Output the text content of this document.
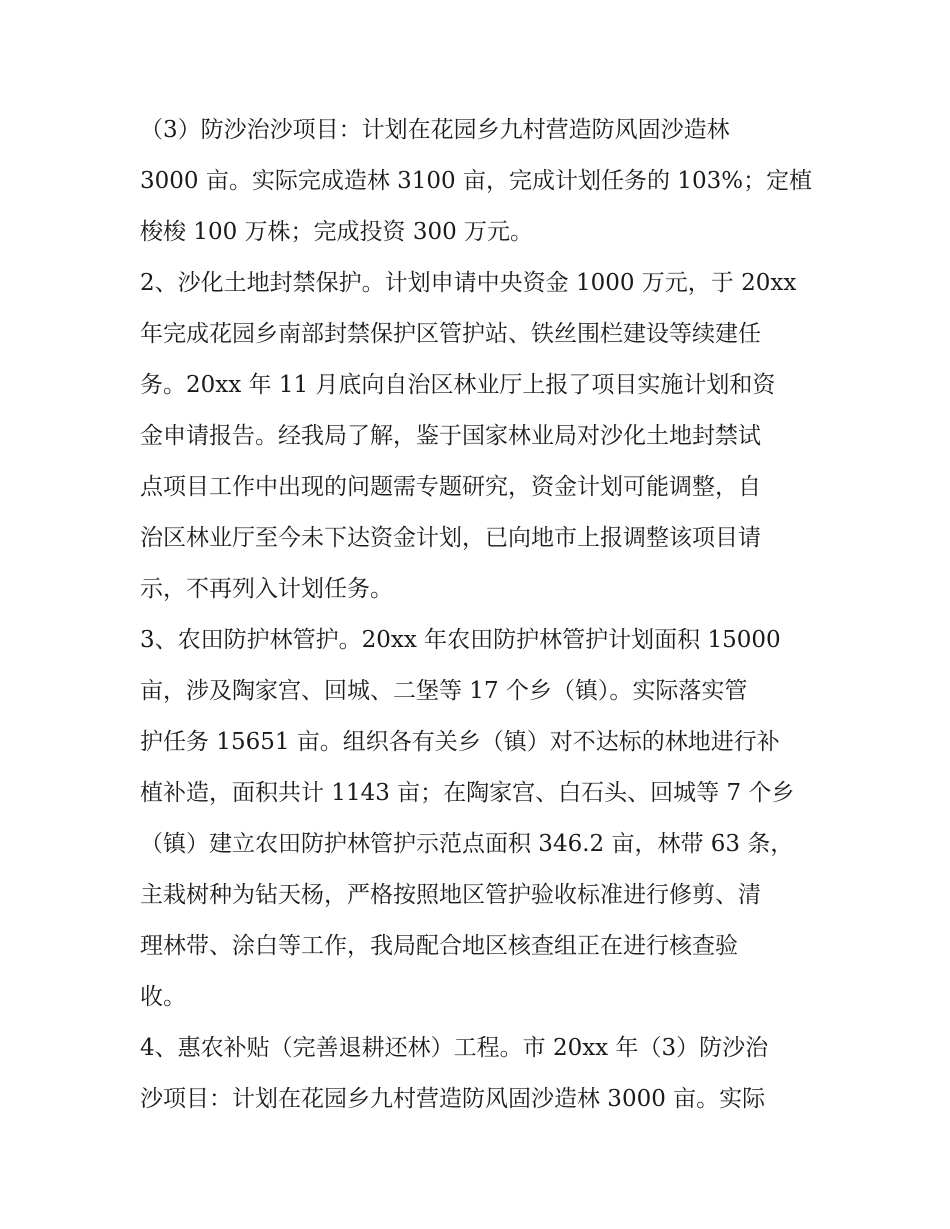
（3）防沙治沙项目：计划在花园乡九村营造防风固沙造林
3000 亩。实际完成造林 3100 亩，完成计划任务的 103%；定植
梭梭 100 万株；完成投资 300 万元。

2、沙化土地封禁保护。计划申请中央资金 1000 万元，于 20xx
年完成花园乡南部封禁保护区管护站、铁丝围栏建设等续建任
务。20xx 年 11 月底向自治区林业厅上报了项目实施计划和资
金申请报告。经我局了解，鉴于国家林业局对沙化土地封禁试
点项目工作中出现的问题需专题研究，资金计划可能调整，自
治区林业厅至今未下达资金计划，已向地市上报调整该项目请
示，不再列入计划任务。

3、农田防护林管护。20xx 年农田防护林管护计划面积 15000
亩，涉及陶家宫、回城、二堡等 17 个乡（镇）。实际落实管
护任务 15651 亩。组织各有关乡（镇）对不达标的林地进行补
植补造，面积共计 1143 亩；在陶家宫、白石头、回城等 7 个乡
（镇）建立农田防护林管护示范点面积 346.2 亩，林带 63 条，
主栽树种为钻天杨，严格按照地区管护验收标准进行修剪、清
理林带、涂白等工作，我局配合地区核查组正在进行核查验
收。

4、惠农补贴（完善退耕还林）工程。市 20xx 年（3）防沙治
沙项目：计划在花园乡九村营造防风固沙造林 3000 亩。实际
